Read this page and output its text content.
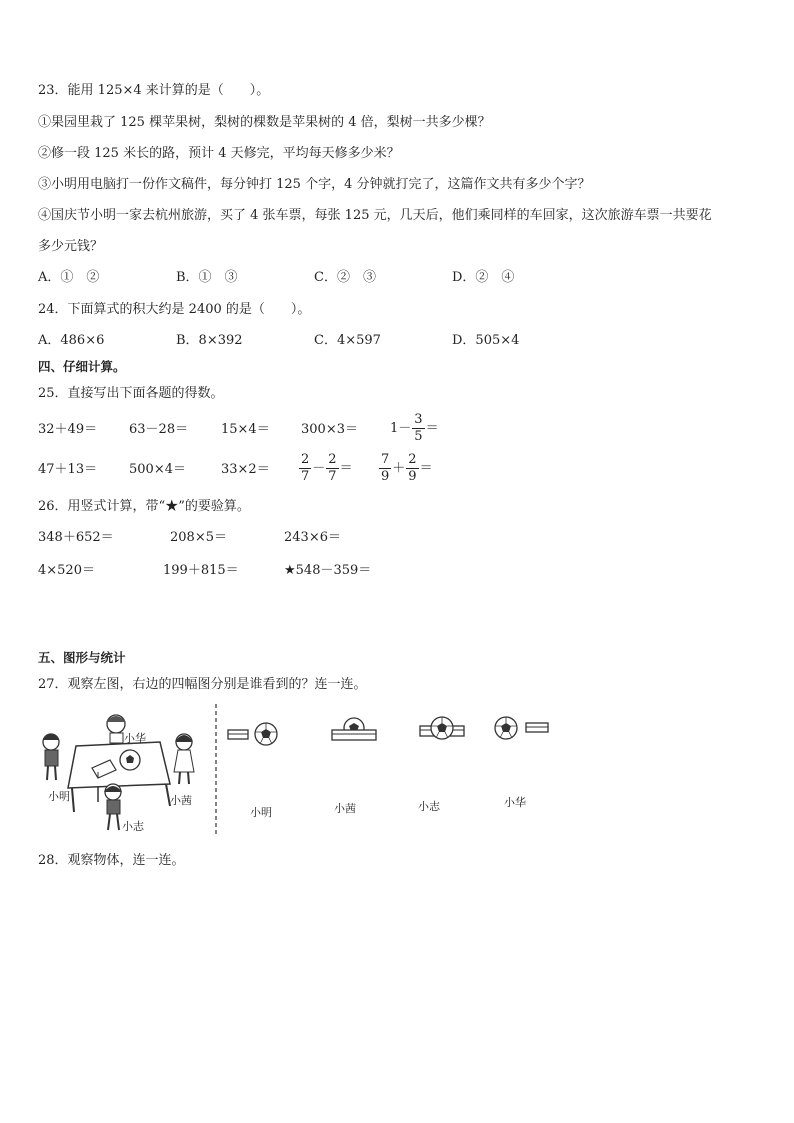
23．能用 125×4 来计算的是（　　）。
①果园里栽了 125 棵苹果树，梨树的棵数是苹果树的 4 倍，梨树一共多少棵？
②修一段 125 米长的路，预计 4 天修完，平均每天修多少米？
③小明用电脑打一份作文稿件，每分钟打 125 个字，4 分钟就打完了，这篇作文共有多少个字？
④国庆节小明一家去杭州旅游，买了 4 张车票，每张 125 元，几天后，他们乘同样的车回家，这次旅游车票一共要花
多少元钱？
A．①　②	B．①　③	C．②　③	D．②　④
24．下面算式的积大约是 2400 的是（　　）。
A．486×6	B．8×392	C．4×597	D．505×4
四、仔细计算。
25．直接写出下面各题的得数。
32＋49＝ 63－28＝	$15\times 4= 300\times 3= 1- \frac{3}{5}$ ＝
47＋13＝ 500×4＝	$33\times 2= \frac{2}{7} - \frac{2}{7} = \frac{7}{9} + \frac{2}{9}$ ＝
26．用竖式计算，带“★”的要验算。
348＋652＝	208×5＝	243×6＝
4×520＝	199＋815＝	★548－359＝
五、图形与统计
27．观察左图，右边的四幅图分别是谁看到的？连一连。
小华
小明	小茜
小志
小明	小茜	小志	小华
28．观察物体，连一连。
